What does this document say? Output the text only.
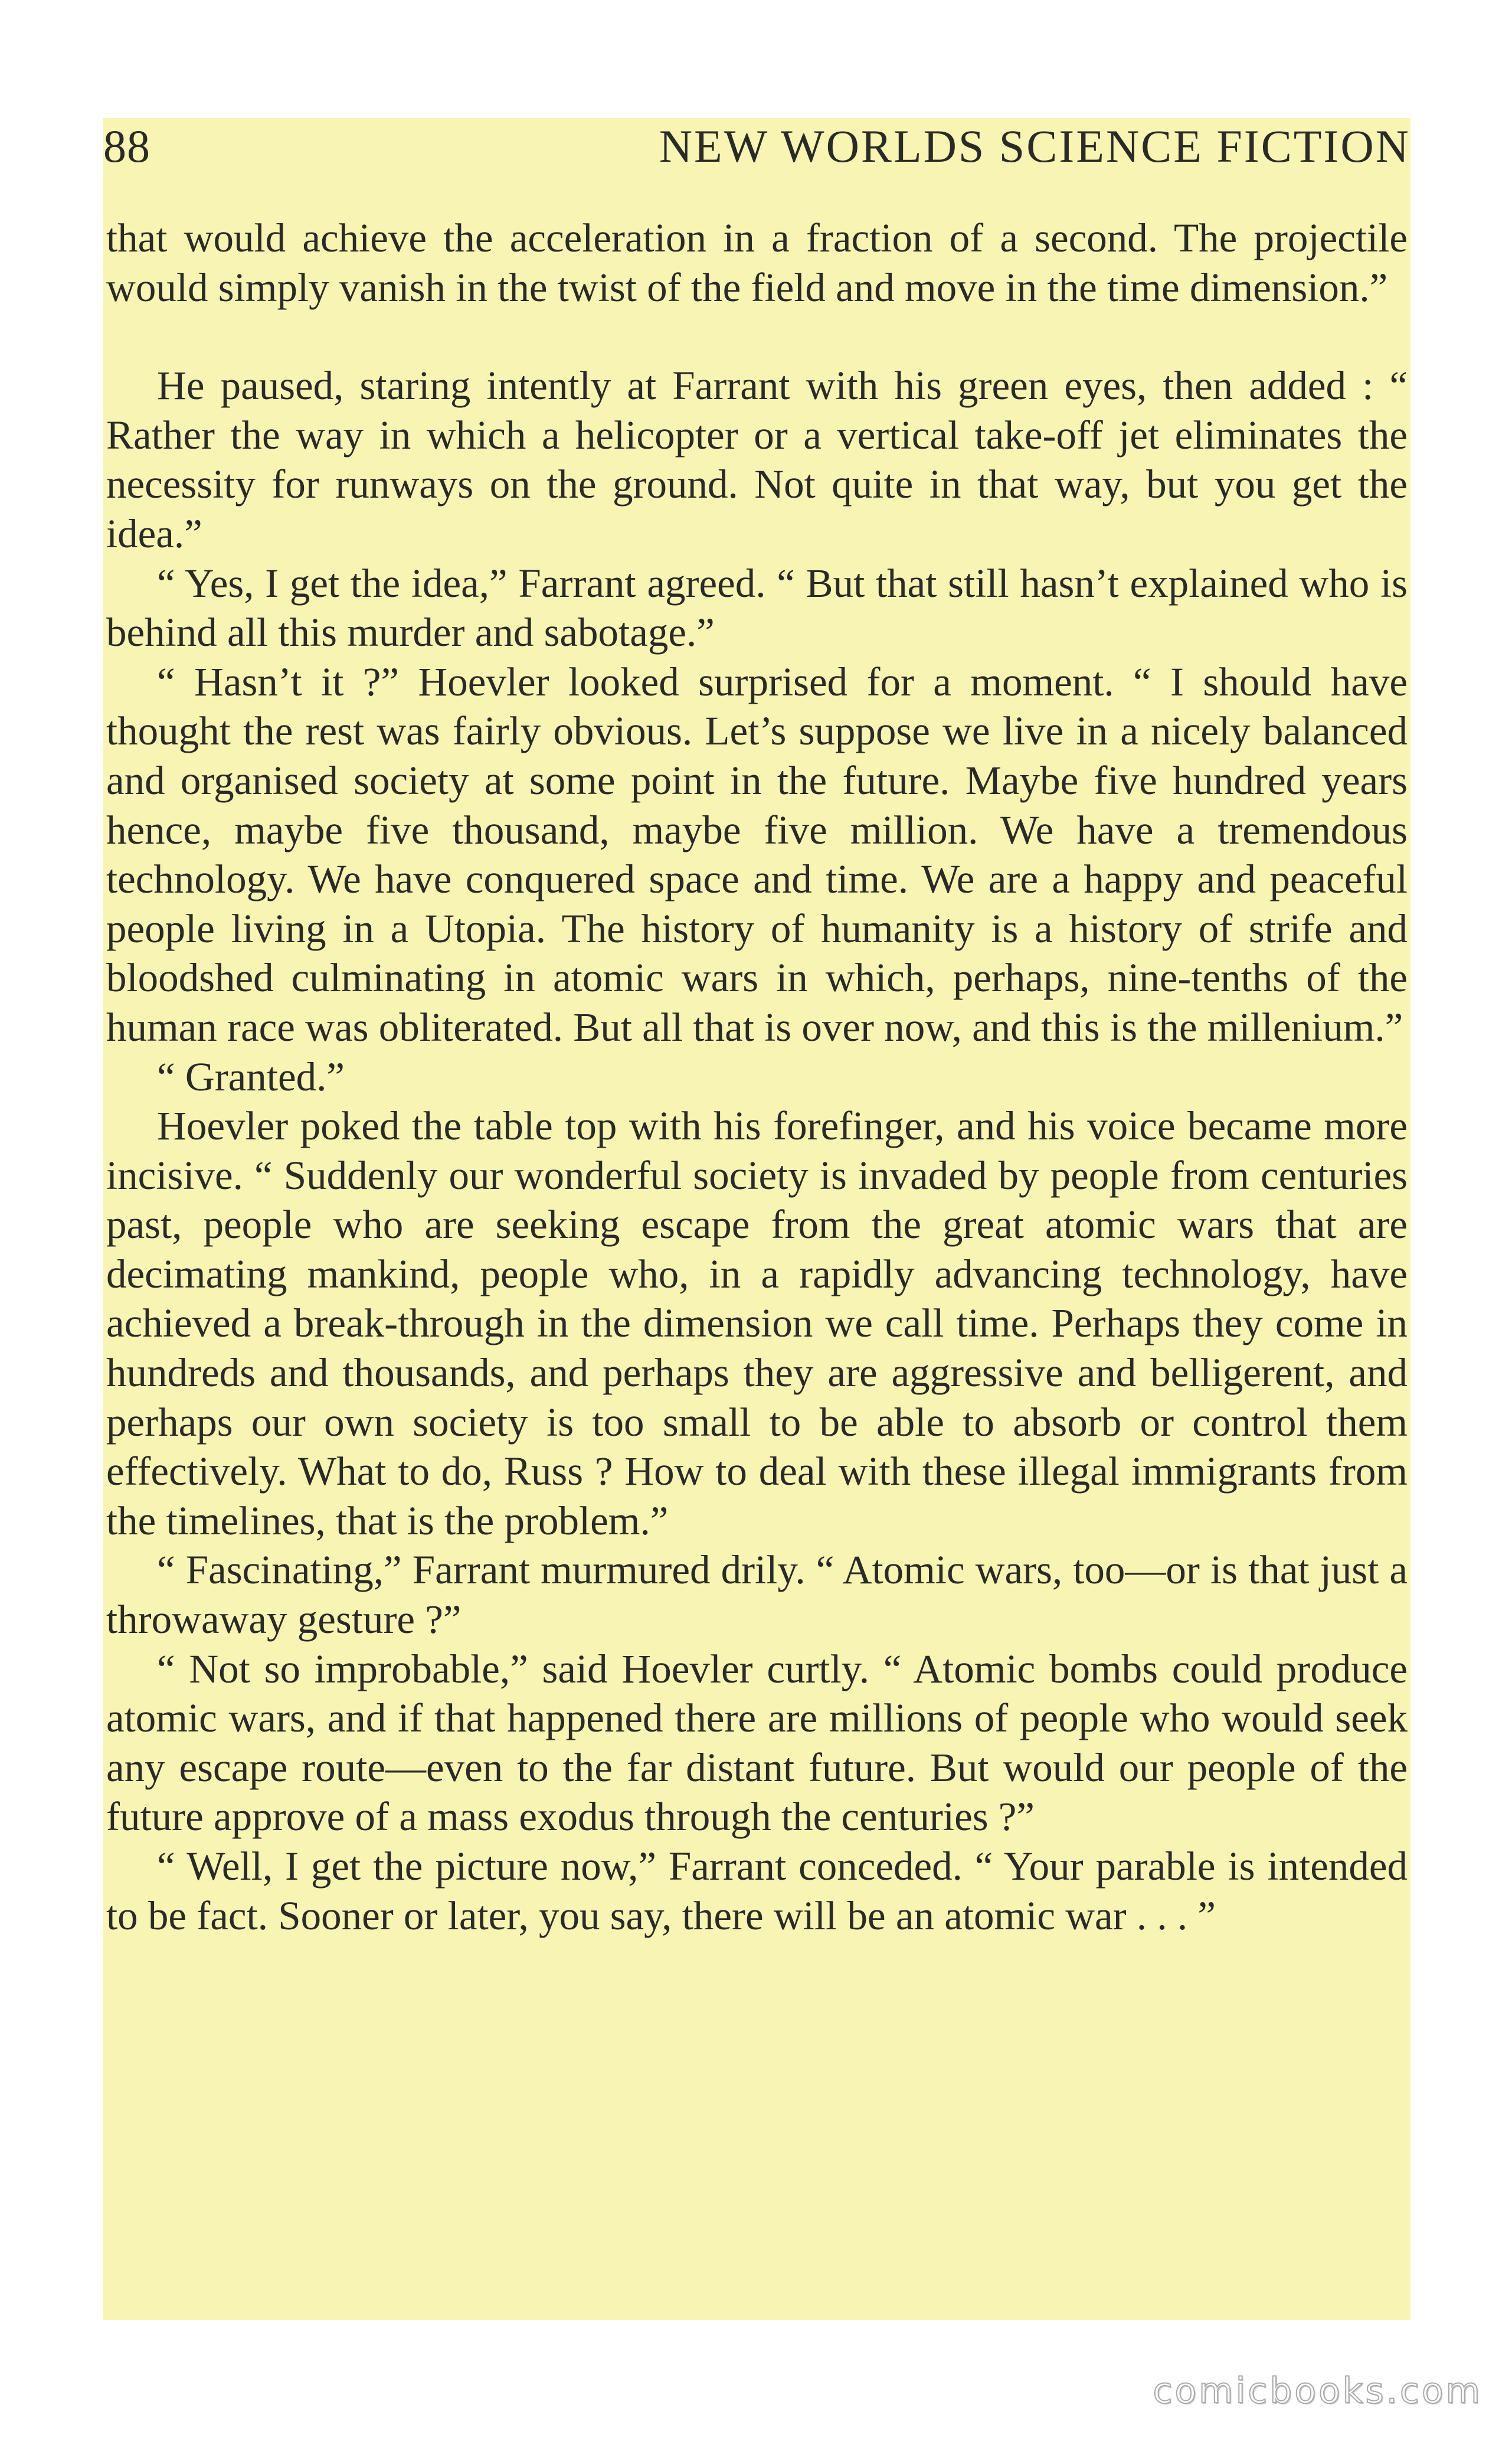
88	NEW WORLDS SCIENCE FICTION

that would achieve the acceleration in a fraction of a second. The projectile would simply vanish in the twist of the field and move in the time dimension.”

He paused, staring intently at Farrant with his green eyes, then added : “ Rather the way in which a helicopter or a vertical take-off jet eliminates the necessity for runways on the ground. Not quite in that way, but you get the idea.”

“ Yes, I get the idea,” Farrant agreed. “ But that still hasn’t explained who is behind all this murder and sabotage.”

“ Hasn’t it ?” Hoevler looked surprised for a moment. “ I should have thought the rest was fairly obvious. Let’s suppose we live in a nicely balanced and organised society at some point in the future. Maybe five hundred years hence, maybe five thousand, maybe five million. We have a tremendous technology. We have conquered space and time. We are a happy and peaceful people living in a Utopia. The history of humanity is a history of strife and bloodshed culminating in atomic wars in which, perhaps, nine-tenths of the human race was obliterated. But all that is over now, and this is the millenium.”

“ Granted.”

Hoevler poked the table top with his forefinger, and his voice became more incisive. “ Suddenly our wonderful society is invaded by people from centuries past, people who are seeking escape from the great atomic wars that are decimating mankind, people who, in a rapidly advancing technology, have achieved a break-through in the dimension we call time. Perhaps they come in hundreds and thousands, and perhaps they are aggressive and belligerent, and perhaps our own society is too small to be able to absorb or control them effectively. What to do, Russ ? How to deal with these illegal immigrants from the timelines, that is the problem.”

“ Fascinating,” Farrant murmured drily. “ Atomic wars, too—or is that just a throwaway gesture ?”

“ Not so improbable,” said Hoevler curtly. “ Atomic bombs could produce atomic wars, and if that happened there are millions of people who would seek any escape route—even to the far distant future. But would our people of the future approve of a mass exodus through the centuries ?”

“ Well, I get the picture now,” Farrant conceded. “ Your parable is intended to be fact. Sooner or later, you say, there will be an atomic war . . . ”

comicbooks.com
